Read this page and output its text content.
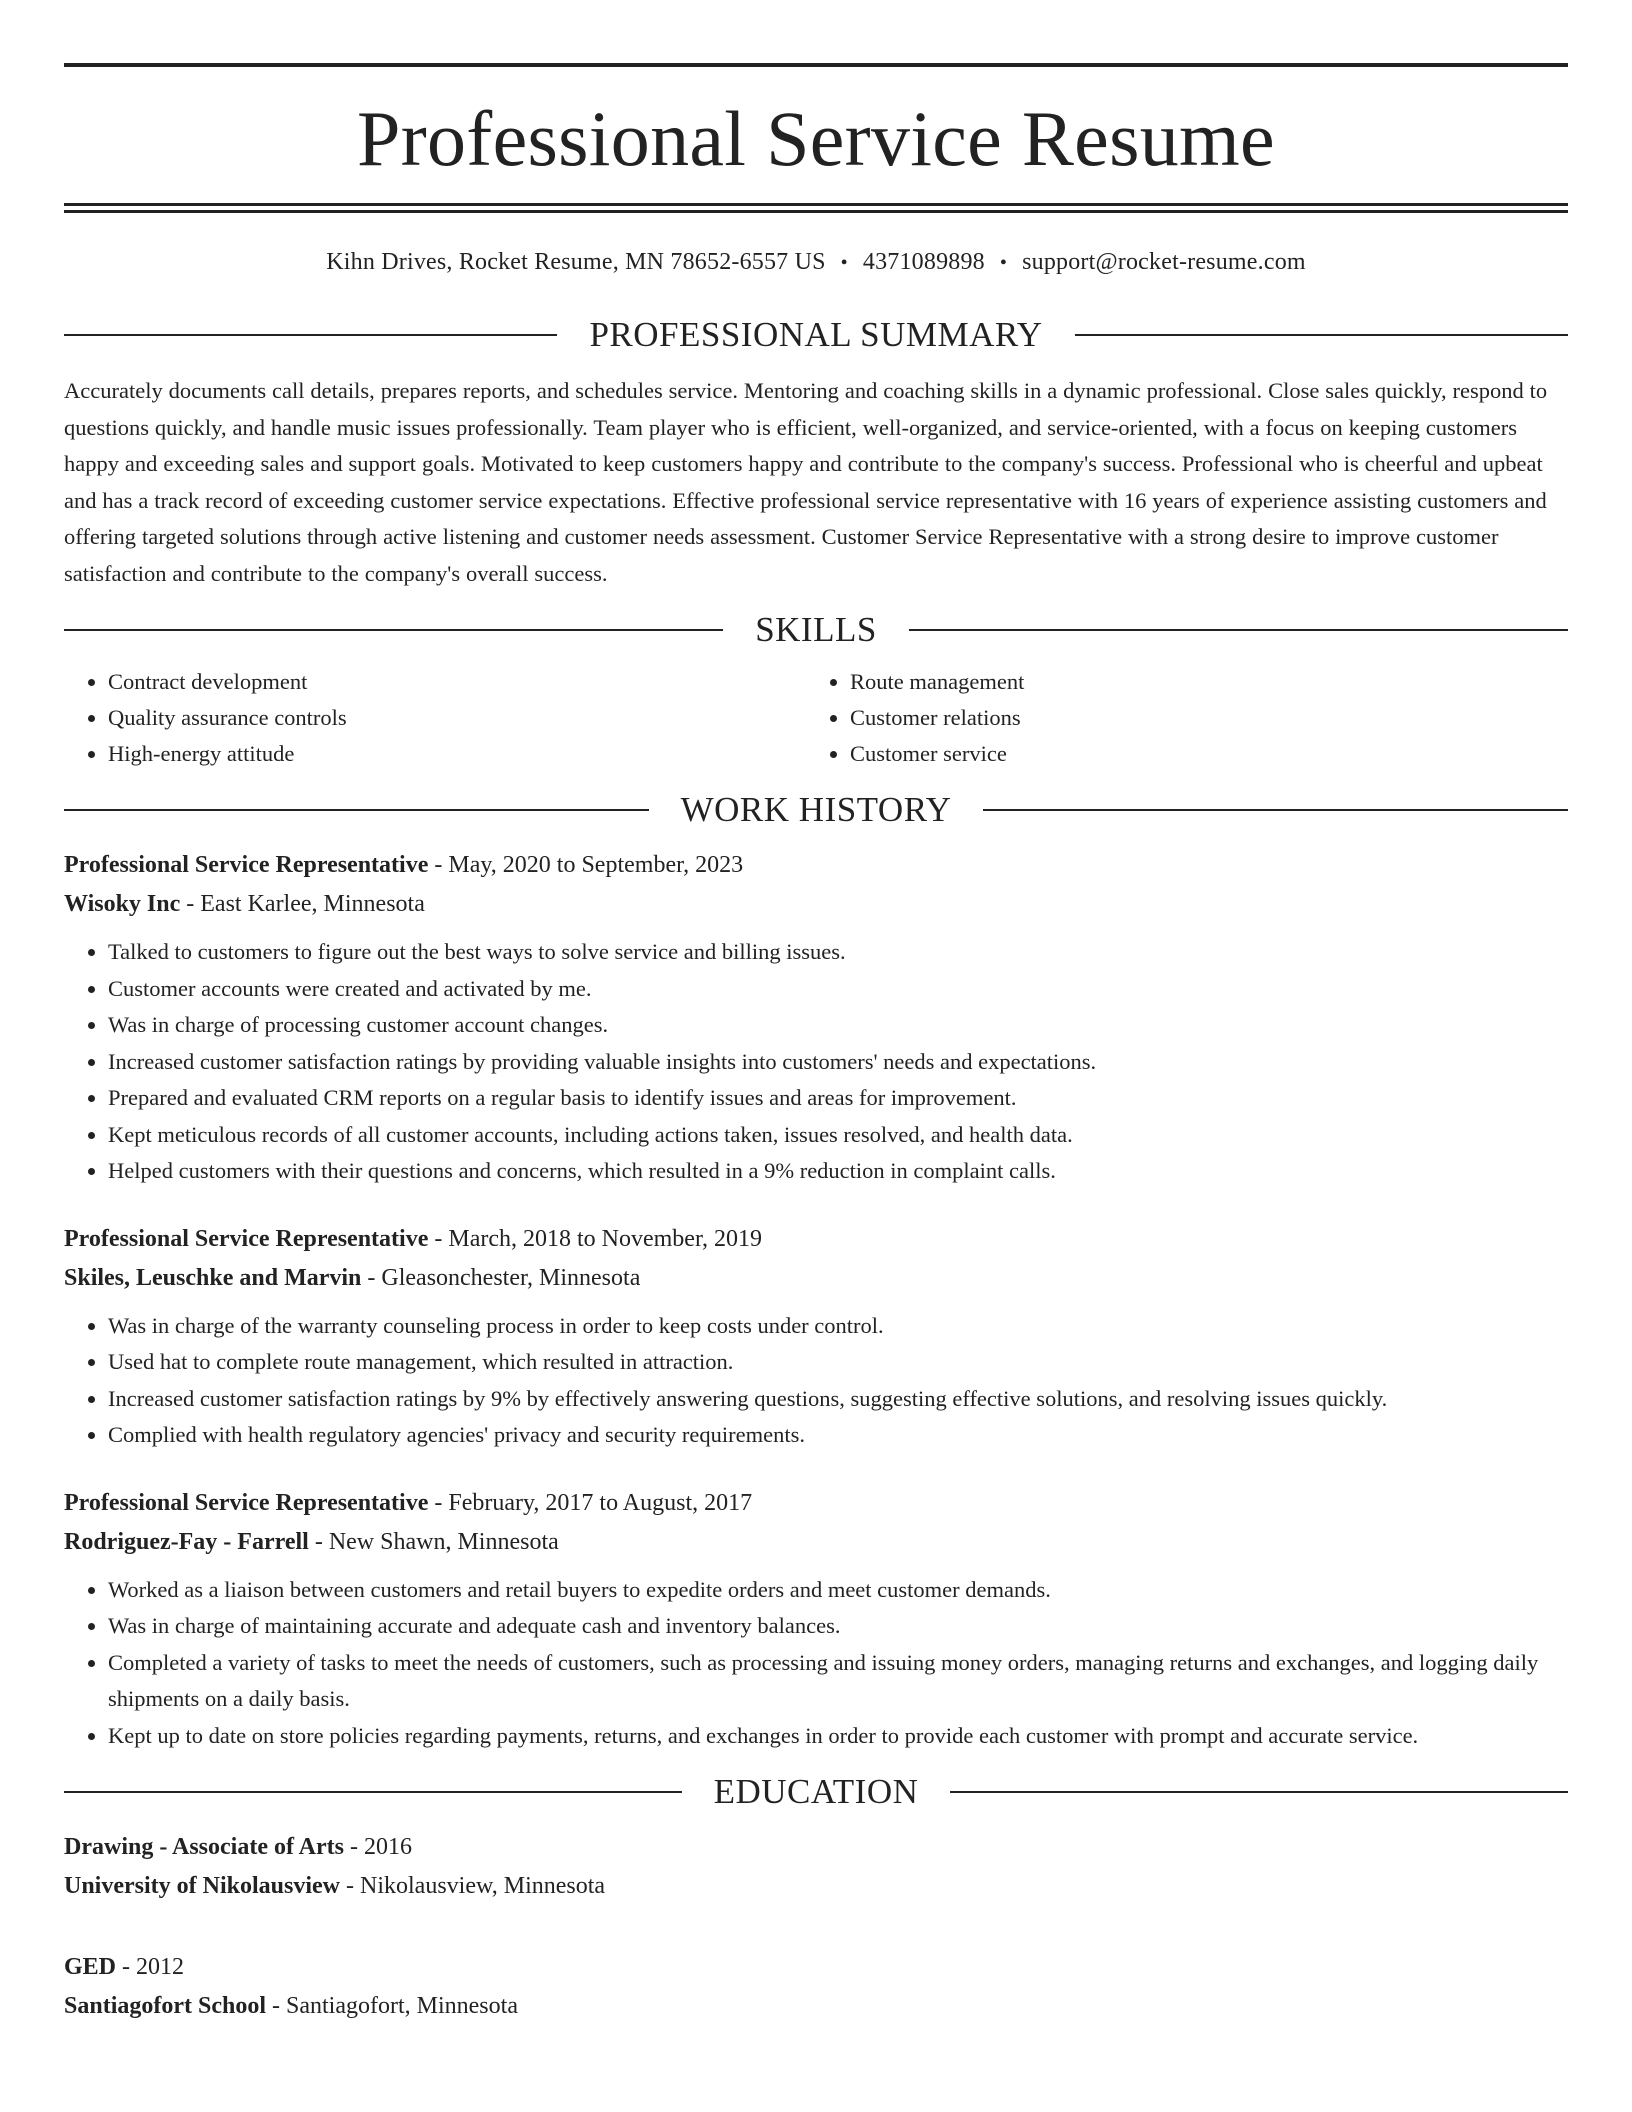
Professional Service Resume
Kihn Drives, Rocket Resume, MN 78652-6557 US • 4371089898 • support@rocket-resume.com
PROFESSIONAL SUMMARY

Accurately documents call details, prepares reports, and schedules service. Mentoring and coaching skills in a dynamic professional. Close sales quickly, respond to questions quickly, and handle music issues professionally. Team player who is efficient, well-organized, and service-oriented, with a focus on keeping customers happy and exceeding sales and support goals. Motivated to keep customers happy and contribute to the company's success. Professional who is cheerful and upbeat and has a track record of exceeding customer service expectations. Effective professional service representative with 16 years of experience assisting customers and offering targeted solutions through active listening and customer needs assessment. Customer Service Representative with a strong desire to improve customer satisfaction and contribute to the company's overall success.

SKILLS
• Contract development
• Quality assurance controls
• High-energy attitude
• Route management
• Customer relations
• Customer service
WORK HISTORY
Professional Service Representative - May, 2020 to September, 2023
Wisoky Inc - East Karlee, Minnesota
• Talked to customers to figure out the best ways to solve service and billing issues.
• Customer accounts were created and activated by me.
• Was in charge of processing customer account changes.
• Increased customer satisfaction ratings by providing valuable insights into customers' needs and expectations.
• Prepared and evaluated CRM reports on a regular basis to identify issues and areas for improvement.
• Kept meticulous records of all customer accounts, including actions taken, issues resolved, and health data.
• Helped customers with their questions and concerns, which resulted in a 9% reduction in complaint calls.
Professional Service Representative - March, 2018 to November, 2019
Skiles, Leuschke and Marvin - Gleasonchester, Minnesota
• Was in charge of the warranty counseling process in order to keep costs under control.
• Used hat to complete route management, which resulted in attraction.
• Increased customer satisfaction ratings by 9% by effectively answering questions, suggesting effective solutions, and resolving issues quickly.
• Complied with health regulatory agencies' privacy and security requirements.
Professional Service Representative - February, 2017 to August, 2017
Rodriguez-Fay - Farrell - New Shawn, Minnesota
• Worked as a liaison between customers and retail buyers to expedite orders and meet customer demands.
• Was in charge of maintaining accurate and adequate cash and inventory balances.
• Completed a variety of tasks to meet the needs of customers, such as processing and issuing money orders, managing returns and exchanges, and logging daily shipments on a daily basis.
• Kept up to date on store policies regarding payments, returns, and exchanges in order to provide each customer with prompt and accurate service.
EDUCATION
Drawing - Associate of Arts - 2016
University of Nikolausview - Nikolausview, Minnesota
GED - 2012
Santiagofort School - Santiagofort, Minnesota
